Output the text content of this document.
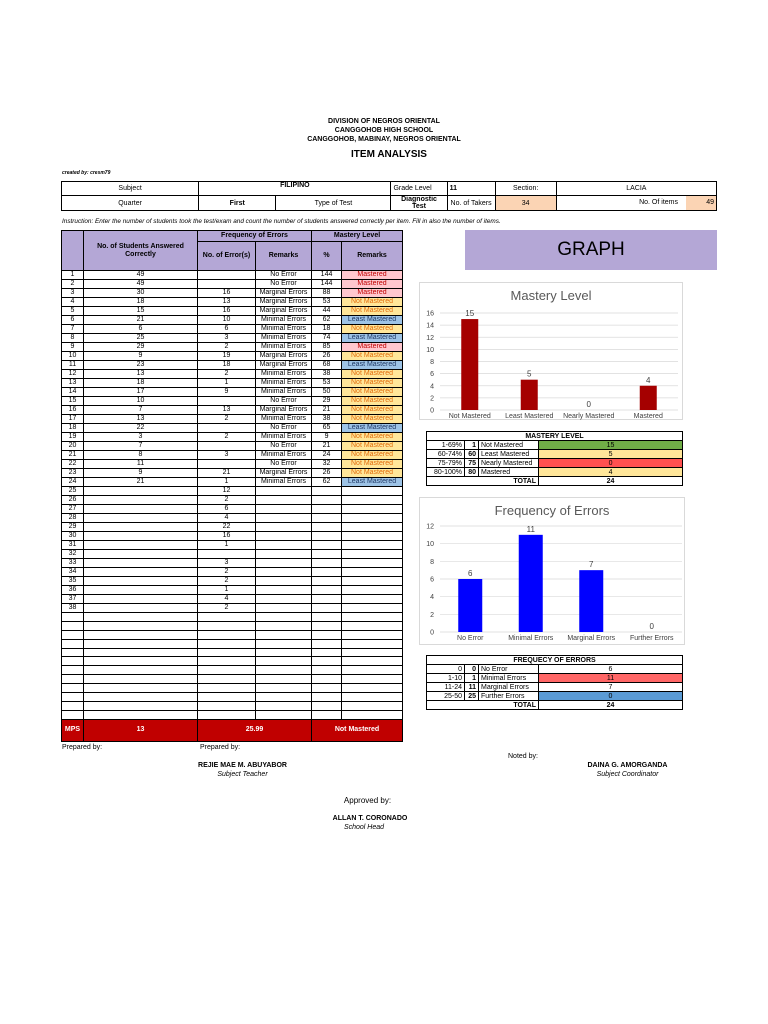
DIVISION OF NEGROS ORIENTAL
CANGGOHOB HIGH SCHOOL
CANGGOHOB, MABINAY, NEGROS ORIENTAL
ITEM ANALYSIS
created by: cresm79
Subject	FILIPINO		Grade Level	11	Section:	LACIA
Quarter	First	Type of Test	Diagnostic Test	No. of Takers	34	No. Of items 49
Instruction: Enter the number of students took the test/exam and count the number of students answered correctly per item. Fill in also the number of items.
	No. of Students Answered Correctly	Frequency of Errors		Mastery Level	
		No. of Error(s)	Remarks	%	Remarks
1	49		No Error	144	Mastered
2	49		No Error	144	Mastered
3	30	16	Marginal Errors	88	Mastered
4	18	13	Marginal Errors	53	Not Mastered
5	15	16	Marginal Errors	44	Not Mastered
6	21	10	Minimal Errors	62	Least Mastered
7	6	6	Minimal Errors	18	Not Mastered
8	25	3	Minimal Errors	74	Least Mastered
9	29	2	Minimal Errors	85	Mastered
10	9	19	Marginal Errors	26	Not Mastered
11	23	18	Marginal Errors	68	Least Mastered
12	13	2	Minimal Errors	38	Not Mastered
13	18	1	Minimal Errors	53	Not Mastered
14	17	9	Minimal Errors	50	Not Mastered
15	10		No Error	29	Not Mastered
16	7	13	Marginal Errors	21	Not Mastered
17	13	2	Minimal Errors	38	Not Mastered
18	22		No Error	65	Least Mastered
19	3	2	Minimal Errors	9	Not Mastered
20	7		No Error	21	Not Mastered
21	8	3	Minimal Errors	24	Not Mastered
22	11		No Error	32	Not Mastered
23	9	21	Marginal Errors	26	Not Mastered
24	21	1	Minimal Errors	62	Least Mastered
25		12			
26		2			
27		6			
28		4			
29		22			
30		16			
31		1			
32					
33		3			
34		2			
35		2			
36		1			
37		4			
38		2			

MPS	13	25.99		Not Mastered	
GRAPH
Mastery Level
0
2
4
6
8
10
12
14
16	15
Not Mastered
5
Least Mastered
0
Nearly Mastered
4
Mastered
MASTERY LEVEL			
1-69%	1	Not Mastered	15
60-74%	60	Least Mastered	5
75-79%	75	Nearly Mastered	0
80-100%	80	Mastered	4
TOTAL			24
Frequency of Errors
0
2
4
6
8
10
12
6
No Error
11
Minimal Errors
7
Marginal Errors
0
Further Errors
FREQUECY OF ERRORS			
0	0	No Error	6
1-10	1	Minimal Errors	11
11-24	11	Marginal Errors	7
25-50	25	Further Errors	0
TOTAL			24
Prepared by:	Prepared by:
REJIE MAE M. ABUYABOR
Subject Teacher
Noted by:
DAINA G. AMORGANDA
Subject Coordinator
Approved by:
ALLAN T. CORONADO
School Head
